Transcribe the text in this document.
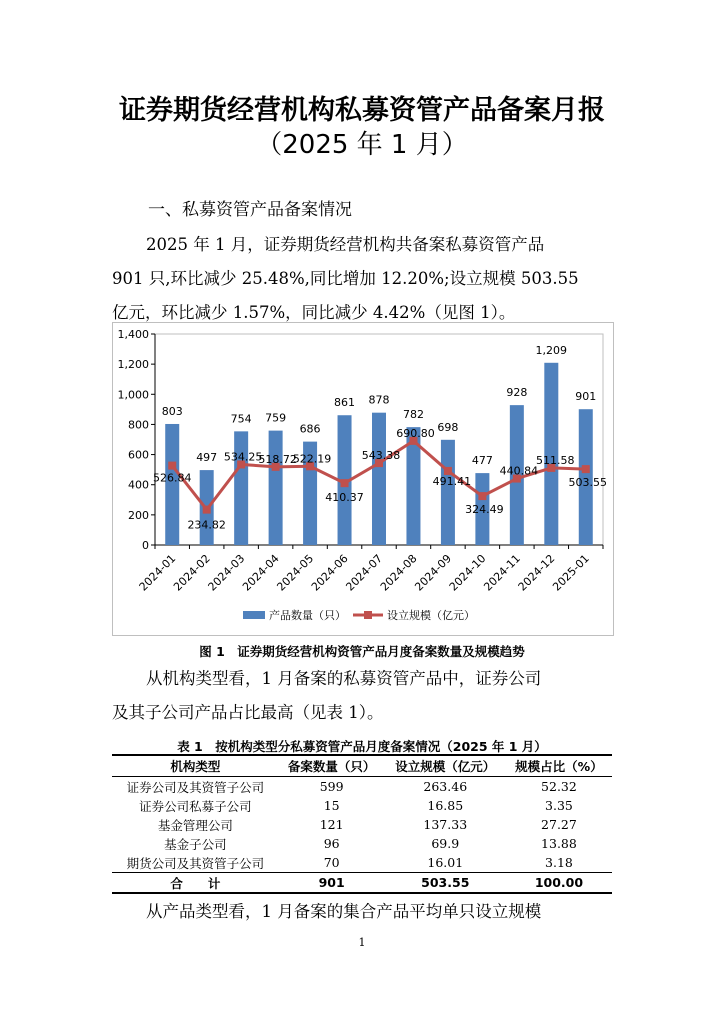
证券期货经营机构私募资管产品备案月报
（2025 年 1 月）
一、私募资管产品备案情况
2025 年 1 月，证券期货经营机构共备案私募资管产品
901 只,环比减少 25.48%,同比增加 12.20%;设立规模 503.55
亿元，环比减少 1.57%，同比减少 4.42%（见图 1）。
0
200
400
600
800
1,000
1,200
1,400
2024-01
2024-02
2024-03
2024-04
2024-05
2024-06
2024-07
2024-08
2024-09
2024-10
2024-11
2024-12
2025-01
803
497
754 759
686
861 878
782
698
477
928
1,209
901
526.84
234.82
534.25
518.72
522.19
410.37
543.38
690.80
491.41
324.49
440.84
511.58
503.55
产品数量（只）	设立规模（亿元）
图 1　证券期货经营机构资管产品月度备案数量及规模趋势
从机构类型看，1 月备案的私募资管产品中，证券公司
及其子公司产品占比最高（见表 1）。
表 1　按机构类型分私募资管产品月度备案情况（2025 年 1 月）
机构类型	备案数量（只）	设立规模（亿元）	规模占比（%）
证券公司及其资管子公司	599	263.46	52.32
证券公司私募子公司	15	16.85	3.35
基金管理公司	121	137.33	27.27
基金子公司	96	69.9	13.88
期货公司及其资管子公司	70	16.01	3.18
合　　计	901	503.55	100.00
从产品类型看，1 月备案的集合产品平均单只设立规模
1
